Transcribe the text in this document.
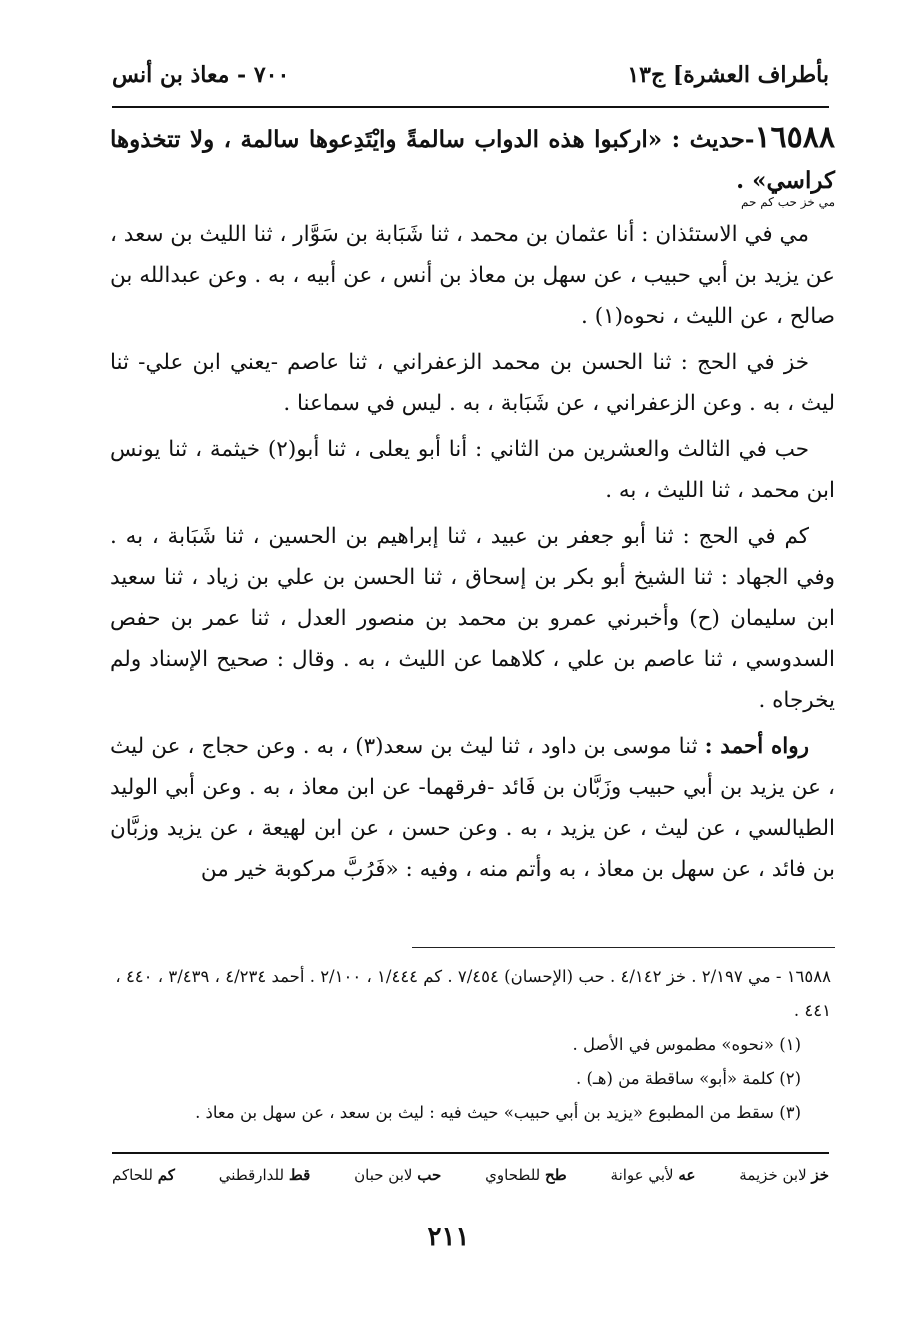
بأطراف العشرة] ج١٣
٧٠٠ - معاذ بن أنس

١٦٥٨٨-حديث : «اركبوا هذه الدواب سالمةً وايْتَدِعوها سالمة ، ولا تتخذوها كراسي» .
مي خز حب كم حم

مي في الاستئذان : أنا عثمان بن محمد ، ثنا شَبَابة بن سَوَّار ، ثنا الليث بن سعد ، عن يزيد بن أبي حبيب ، عن سهل بن معاذ بن أنس ، عن أبيه ، به . وعن عبدالله بن صالح ، عن الليث ، نحوه(١) .

خز في الحج : ثنا الحسن بن محمد الزعفراني ، ثنا عاصم -يعني ابن علي- ثنا ليث ، به . وعن الزعفراني ، عن شَبَابة ، به . ليس في سماعنا .

حب في الثالث والعشرين من الثاني : أنا أبو يعلى ، ثنا أبو(٢) خيثمة ، ثنا يونس ابن محمد ، ثنا الليث ، به .

كم في الحج : ثنا أبو جعفر بن عبيد ، ثنا إبراهيم بن الحسين ، ثنا شَبَابة ، به . وفي الجهاد : ثنا الشيخ أبو بكر بن إسحاق ، ثنا الحسن بن علي بن زياد ، ثنا سعيد ابن سليمان (ح) وأخبرني عمرو بن محمد بن منصور العدل ، ثنا عمر بن حفص السدوسي ، ثنا عاصم بن علي ، كلاهما عن الليث ، به . وقال : صحيح الإسناد ولم يخرجاه .

رواه أحمد : ثنا موسى بن داود ، ثنا ليث بن سعد(٣) ، به . وعن حجاج ، عن ليث ، عن يزيد بن أبي حبيب وزَبَّان بن فَائد -فرقهما- عن ابن معاذ ، به . وعن أبي الوليد الطيالسي ، عن ليث ، عن يزيد ، به . وعن حسن ، عن ابن لهيعة ، عن يزيد وزبَّان بن فائد ، عن سهل بن معاذ ، به وأتم منه ، وفيه : «فَرُبَّ مركوبة خير من

١٦٥٨٨ - مي ٢/١٩٧ . خز ٤/١٤٢ . حب (الإحسان) ٧/٤٥٤ . كم ١/٤٤٤ ، ٢/١٠٠ . أحمد ٤/٢٣٤ ، ٣/٤٣٩ ، ٤٤٠ ، ٤٤١ .

(١) «نحوه» مطموس في الأصل .

(٢) كلمة «أبو» ساقطة من (هـ) .

(٣) سقط من المطبوع «يزيد بن أبي حبيب» حيث فيه : ليث بن سعد ، عن سهل بن معاذ .

خز لابن خزيمة
عه لأبي عوانة
طح للطحاوي
حب لابن حبان
قط للدارقطني
كم للحاكم
٢١١
